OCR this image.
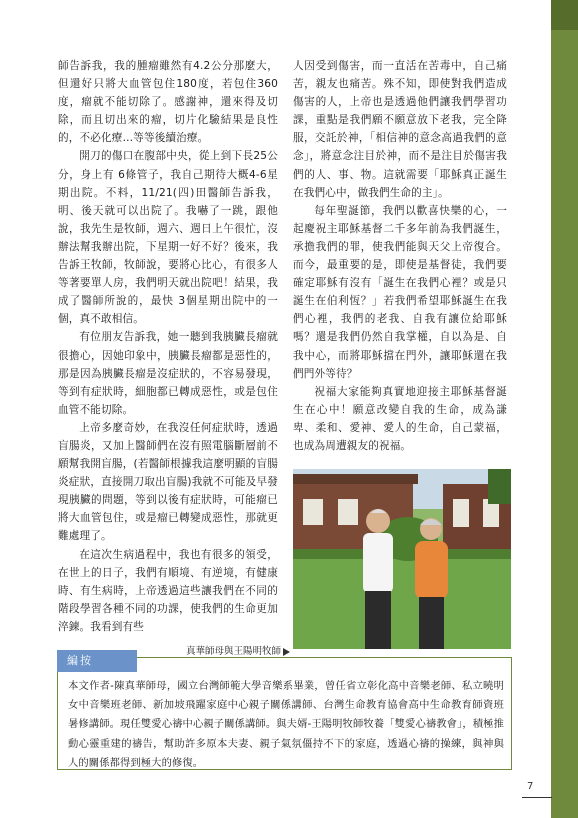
師告訴我，我的腫瘤雖然有4.2公分那麼大，但還好只將大血管包住180度，若包住360度，瘤就不能切除了。感謝神，還來得及切除，而且切出來的瘤，切片化驗結果是良性的，不必化療…等等後續治療。

開刀的傷口在腹部中央，從上到下長25公分，身上有 6條管子，我自己期待大概4-6星期出院。不料，11/21(四)田醫師告訴我，明、後天就可以出院了。我嚇了一跳，跟他說，我先生是牧師，週六、週日上午很忙，沒辦法幫我辦出院，下星期一好不好？後來，我告訴王牧師，牧師說，要將心比心，有很多人等著要單人房，我們明天就出院吧！結果，我成了醫師所說的，最快 3個星期出院中的一個，真不敢相信。

有位朋友告訴我，她一聽到我胰臟長瘤就很擔心，因她印象中，胰臟長瘤都是惡性的，那是因為胰臟長瘤是沒症狀的，不容易發現，等到有症狀時，細胞都已轉成惡性，或是包住血管不能切除。

上帝多麼奇妙，在我沒任何症狀時，透過盲腸炎，又加上醫師們在沒有照電腦斷層前不願幫我開盲腸，(若醫師根據我這麼明顯的盲腸炎症狀，直接開刀取出盲腸)我就不可能及早發現胰臟的問題，等到以後有症狀時，可能瘤已將大血管包住，或是瘤已轉變成惡性，那就更難處理了。

在這次生病過程中，我也有很多的領受，在世上的日子，我們有順境、有逆境，有健康時、有生病時，上帝透過這些讓我們在不同的階段學習各種不同的功課，使我們的生命更加淬鍊。我看到有些

人因受到傷害，而一直活在苦毒中，自己痛苦，親友也痛苦。殊不知，即使對我們造成傷害的人，上帝也是透過他們讓我們學習功課，重點是我們願不願意放下老我，完全降服，交託於神，「相信神的意念高過我們的意念」，將意念注目於神，而不是注目於傷害我們的人、事、物。這就需要「耶穌真正誕生在我們心中，做我們生命的主」。

每年聖誕節，我們以歡喜快樂的心，一起慶祝主耶穌基督二千多年前為我們誕生，承擔我們的罪，使我們能與天父上帝復合。而今，最重要的是，即使是基督徒，我們要確定耶穌有沒有「誕生在我們心裡？或是只誕生在伯利恆？」若我們希望耶穌誕生在我們心裡，我們的老我、自我有讓位給耶穌嗎？還是我們仍然自我掌權，自以為是、自我中心，而將耶穌擋在門外，讓耶穌還在我們門外等待？

祝福大家能夠真實地迎接主耶穌基督誕生在心中！願意改變自我的生命，成為謙卑、柔和、愛神、愛人的生命，自己蒙福，也成為周遭親友的祝福。

真華師母與王陽明牧師
編按

本文作者-陳真華師母，國立台灣師範大學音樂系畢業，曾任省立彰化高中音樂老師、私立曉明女中音樂班老師、新加坡飛躍家庭中心親子關係講師、台灣生命教育協會高中生命教育師資班暑修講師。現任雙愛心禱中心親子關係講師。與夫婿-王陽明牧師牧養「雙愛心禱教會」，積極推動心靈重建的禱告，幫助許多原本夫妻、親子氣氛僵持不下的家庭，透過心禱的操練，與神與人的關係都得到極大的修復。

7
